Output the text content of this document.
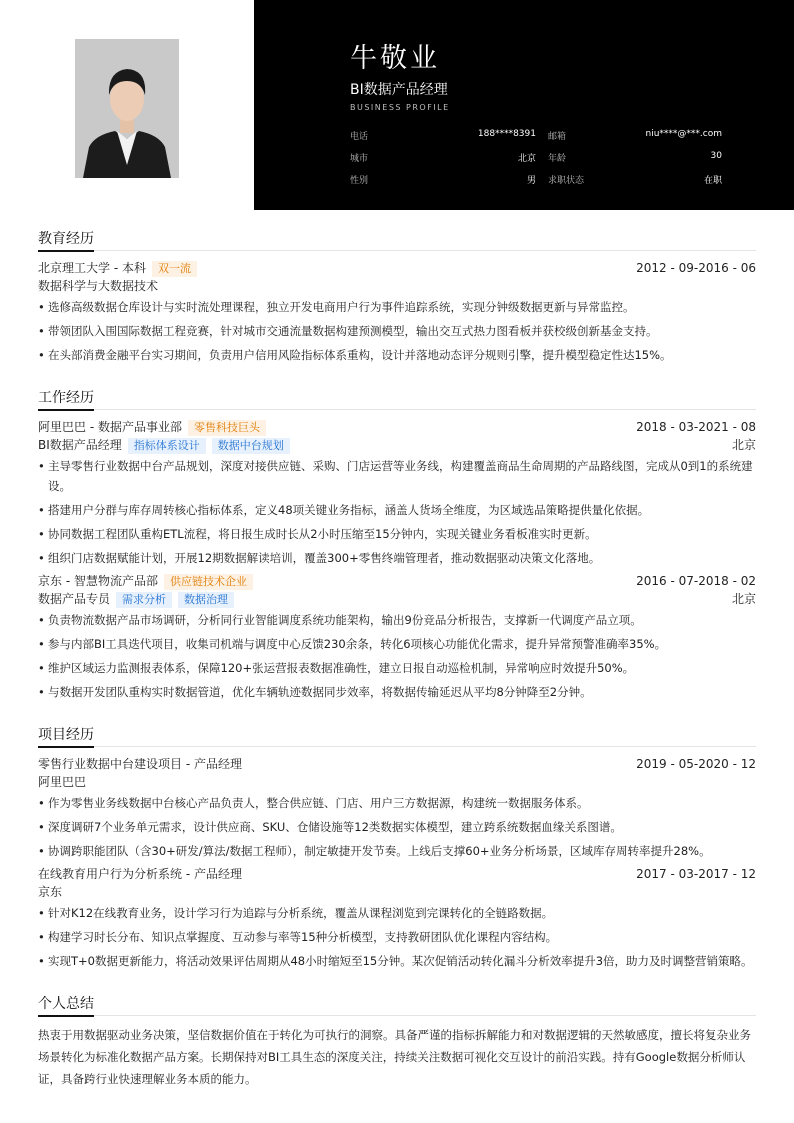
牛敬业
BI数据产品经理
BUSINESS PROFILE
电话	188****8391 邮箱	niu****@***.com
城市	北京 年龄	30
性别	男 求职状态	在职
教育经历
北京理工大学 - 本科 双一流	2012 - 09-2016 - 06
数据科学与大数据技术
• 选修高级数据仓库设计与实时流处理课程，独立开发电商用户行为事件追踪系统，实现分钟级数据更新与异常监控。
• 带领团队入围国际数据工程竞赛，针对城市交通流量数据构建预测模型，输出交互式热力图看板并获校级创新基金支持。
• 在头部消费金融平台实习期间，负责用户信用风险指标体系重构，设计并落地动态评分规则引擎，提升模型稳定性达15%。
工作经历
阿里巴巴 - 数据产品事业部 零售科技巨头	2018 - 03-2021 - 08
BI数据产品经理 指标体系设计 数据中台规划	北京
• 主导零售行业数据中台产品规划，深度对接供应链、采购、门店运营等业务线，构建覆盖商品生命周期的产品路线图，完成从0到1的系统建设。
• 搭建用户分群与库存周转核心指标体系，定义48项关键业务指标，涵盖人货场全维度，为区域选品策略提供量化依据。
• 协同数据工程团队重构ETL流程，将日报生成时长从2小时压缩至15分钟内，实现关键业务看板准实时更新。
• 组织门店数据赋能计划，开展12期数据解读培训，覆盖300+零售终端管理者，推动数据驱动决策文化落地。
京东 - 智慧物流产品部 供应链技术企业	2016 - 07-2018 - 02
数据产品专员 需求分析 数据治理	北京
• 负责物流数据产品市场调研，分析同行业智能调度系统功能架构，输出9份竞品分析报告，支撑新一代调度产品立项。
• 参与内部BI工具迭代项目，收集司机端与调度中心反馈230余条，转化6项核心功能优化需求，提升异常预警准确率35%。
• 维护区域运力监测报表体系，保障120+张运营报表数据准确性，建立日报自动巡检机制，异常响应时效提升50%。
• 与数据开发团队重构实时数据管道，优化车辆轨迹数据同步效率，将数据传输延迟从平均8分钟降至2分钟。
项目经历
零售行业数据中台建设项目 - 产品经理	2019 - 05-2020 - 12
阿里巴巴
• 作为零售业务线数据中台核心产品负责人，整合供应链、门店、用户三方数据源，构建统一数据服务体系。
• 深度调研7个业务单元需求，设计供应商、SKU、仓储设施等12类数据实体模型，建立跨系统数据血缘关系图谱。
• 协调跨职能团队（含30+研发/算法/数据工程师），制定敏捷开发节奏。上线后支撑60+业务分析场景，区域库存周转率提升28%。
在线教育用户行为分析系统 - 产品经理	2017 - 03-2017 - 12
京东
• 针对K12在线教育业务，设计学习行为追踪与分析系统，覆盖从课程浏览到完课转化的全链路数据。
• 构建学习时长分布、知识点掌握度、互动参与率等15种分析模型，支持教研团队优化课程内容结构。
• 实现T+0数据更新能力，将活动效果评估周期从48小时缩短至15分钟。某次促销活动转化漏斗分析效率提升3倍，助力及时调整营销策略。
个人总结
热衷于用数据驱动业务决策，坚信数据价值在于转化为可执行的洞察。具备严谨的指标拆解能力和对数据逻辑的天然敏感度，擅长将复杂业务场景转化为标准化数据产品方案。长期保持对BI工具生态的深度关注，持续关注数据可视化交互设计的前沿实践。持有Google数据分析师认证，具备跨行业快速理解业务本质的能力。
